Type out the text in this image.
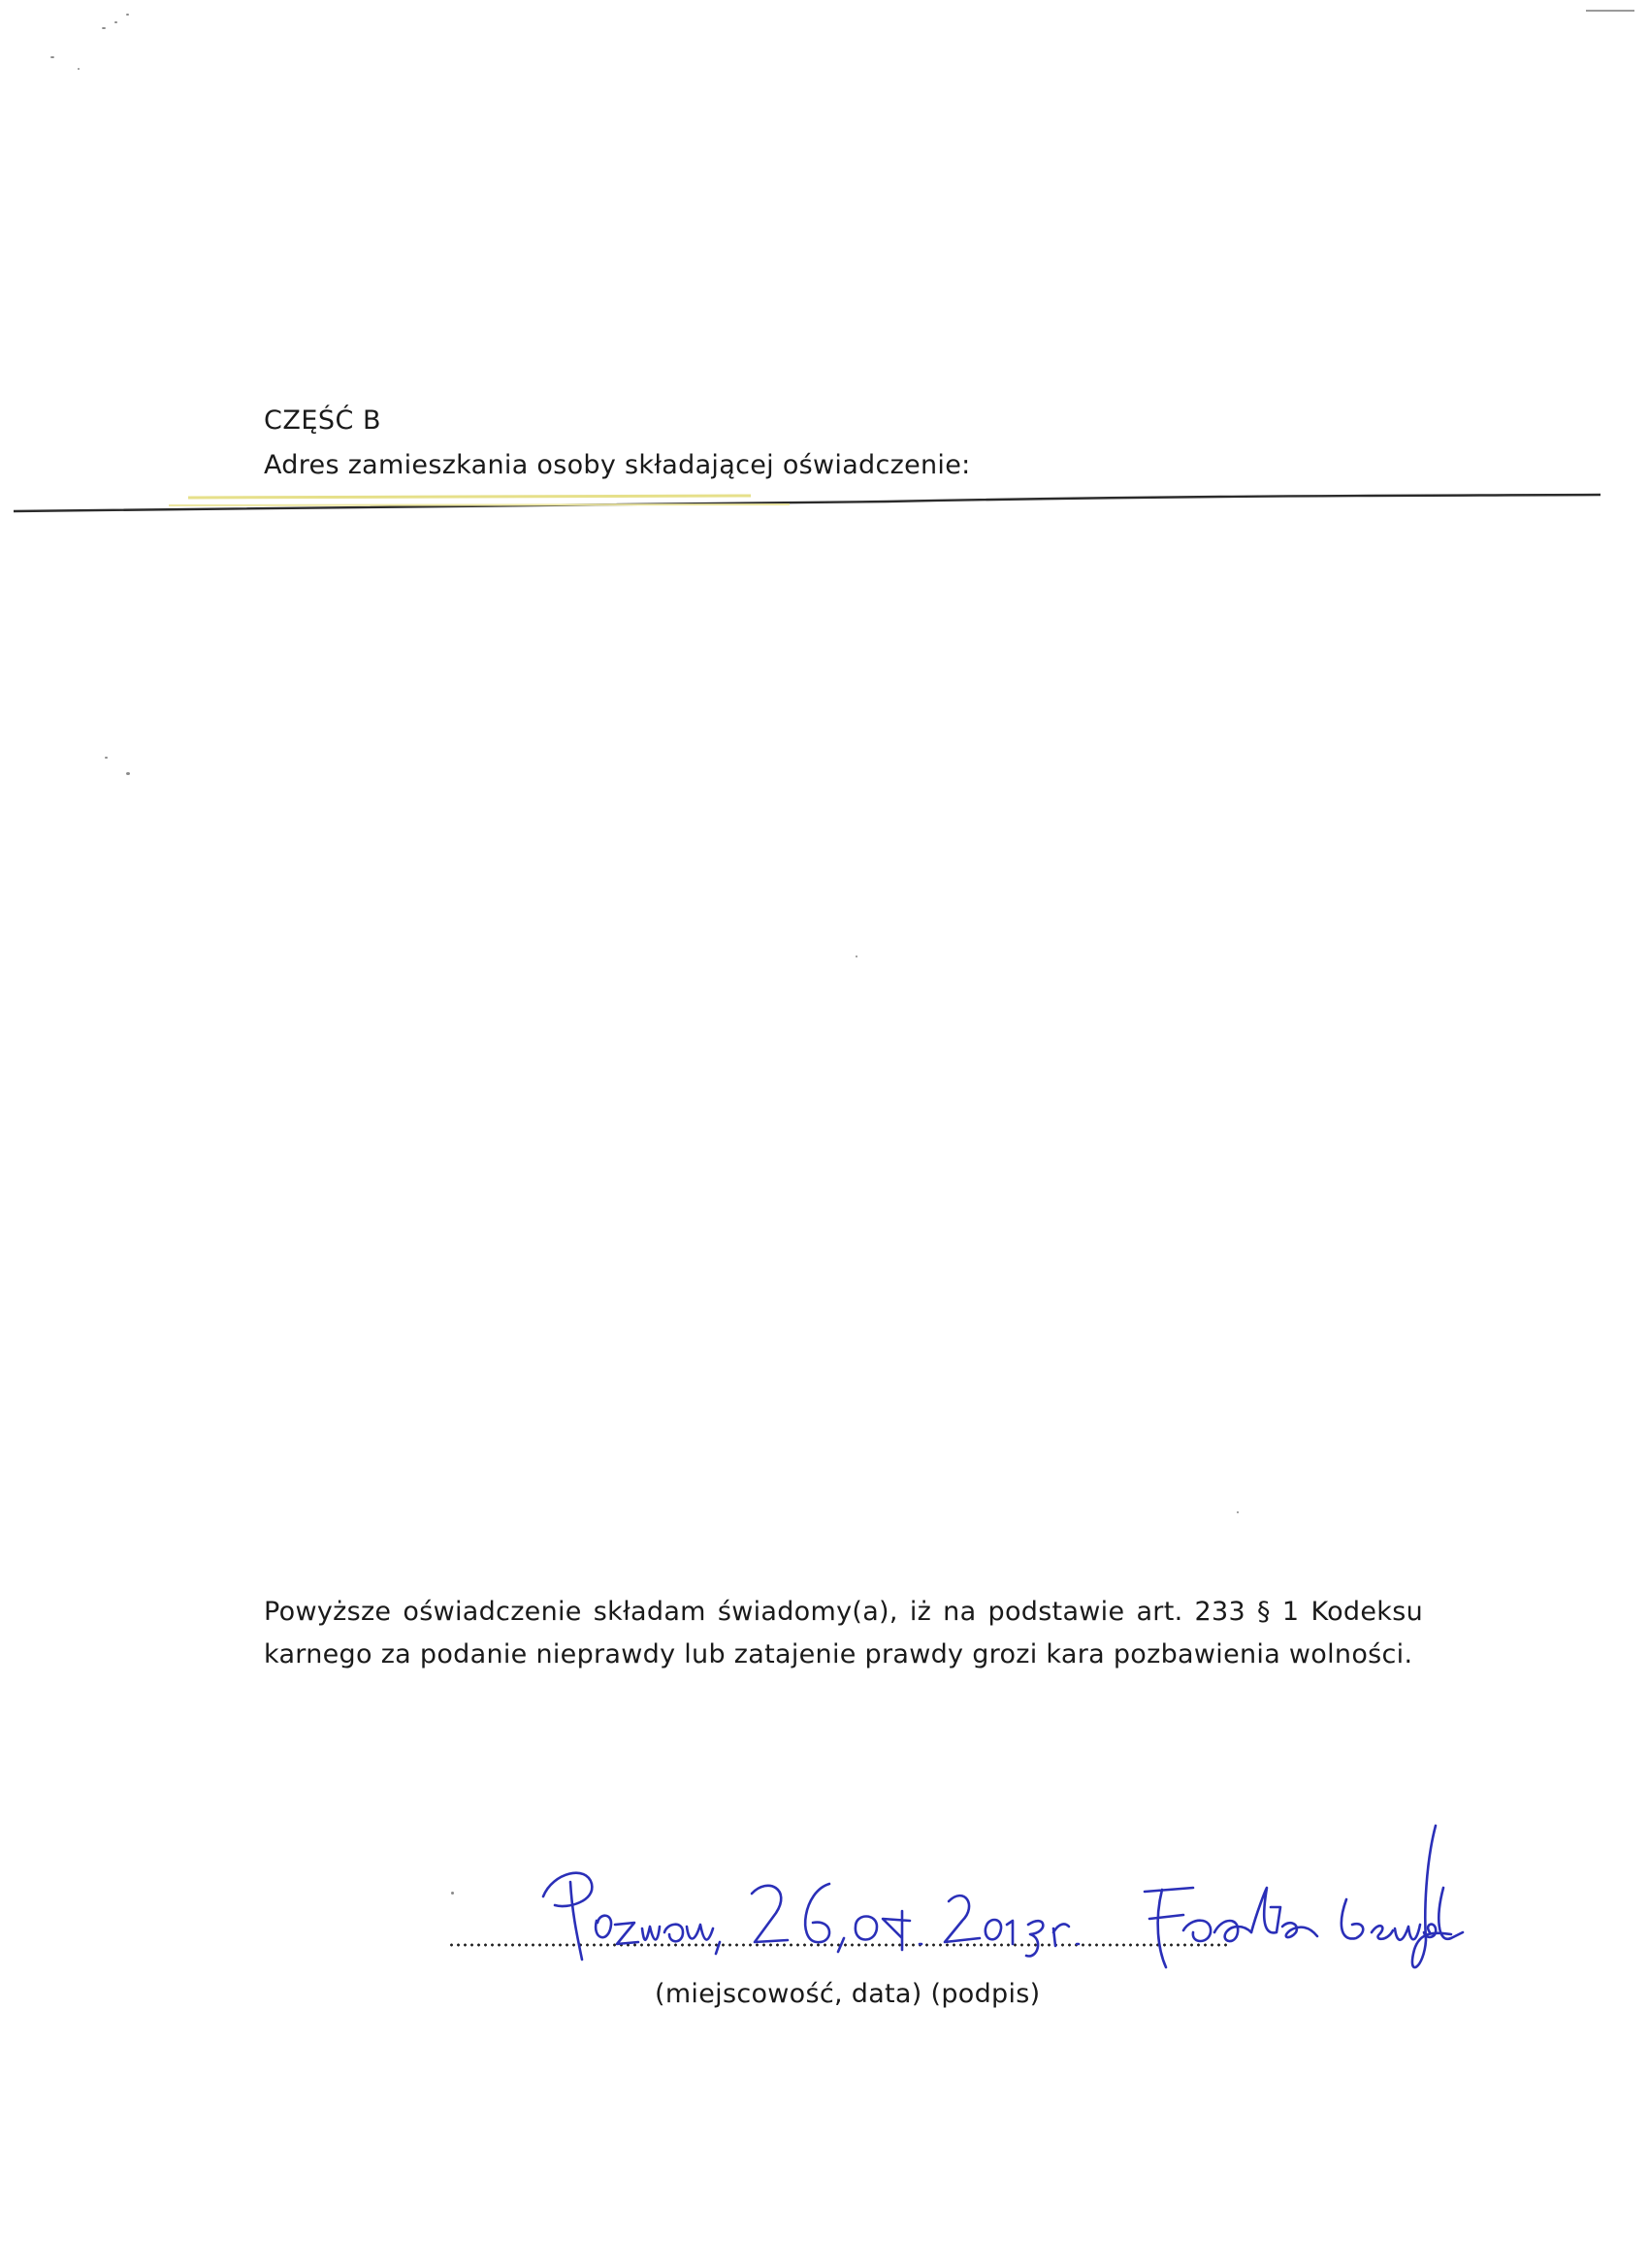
CZĘŚĆ B
Adres zamieszkania osoby składającej oświadczenie:
Powyższe oświadczenie składam świadomy(a), iż na podstawie art. 233 § 1 Kodeksu karnego za podanie nieprawdy lub zatajenie prawdy grozi kara pozbawienia wolności.
(miejscowość, data) (podpis)
